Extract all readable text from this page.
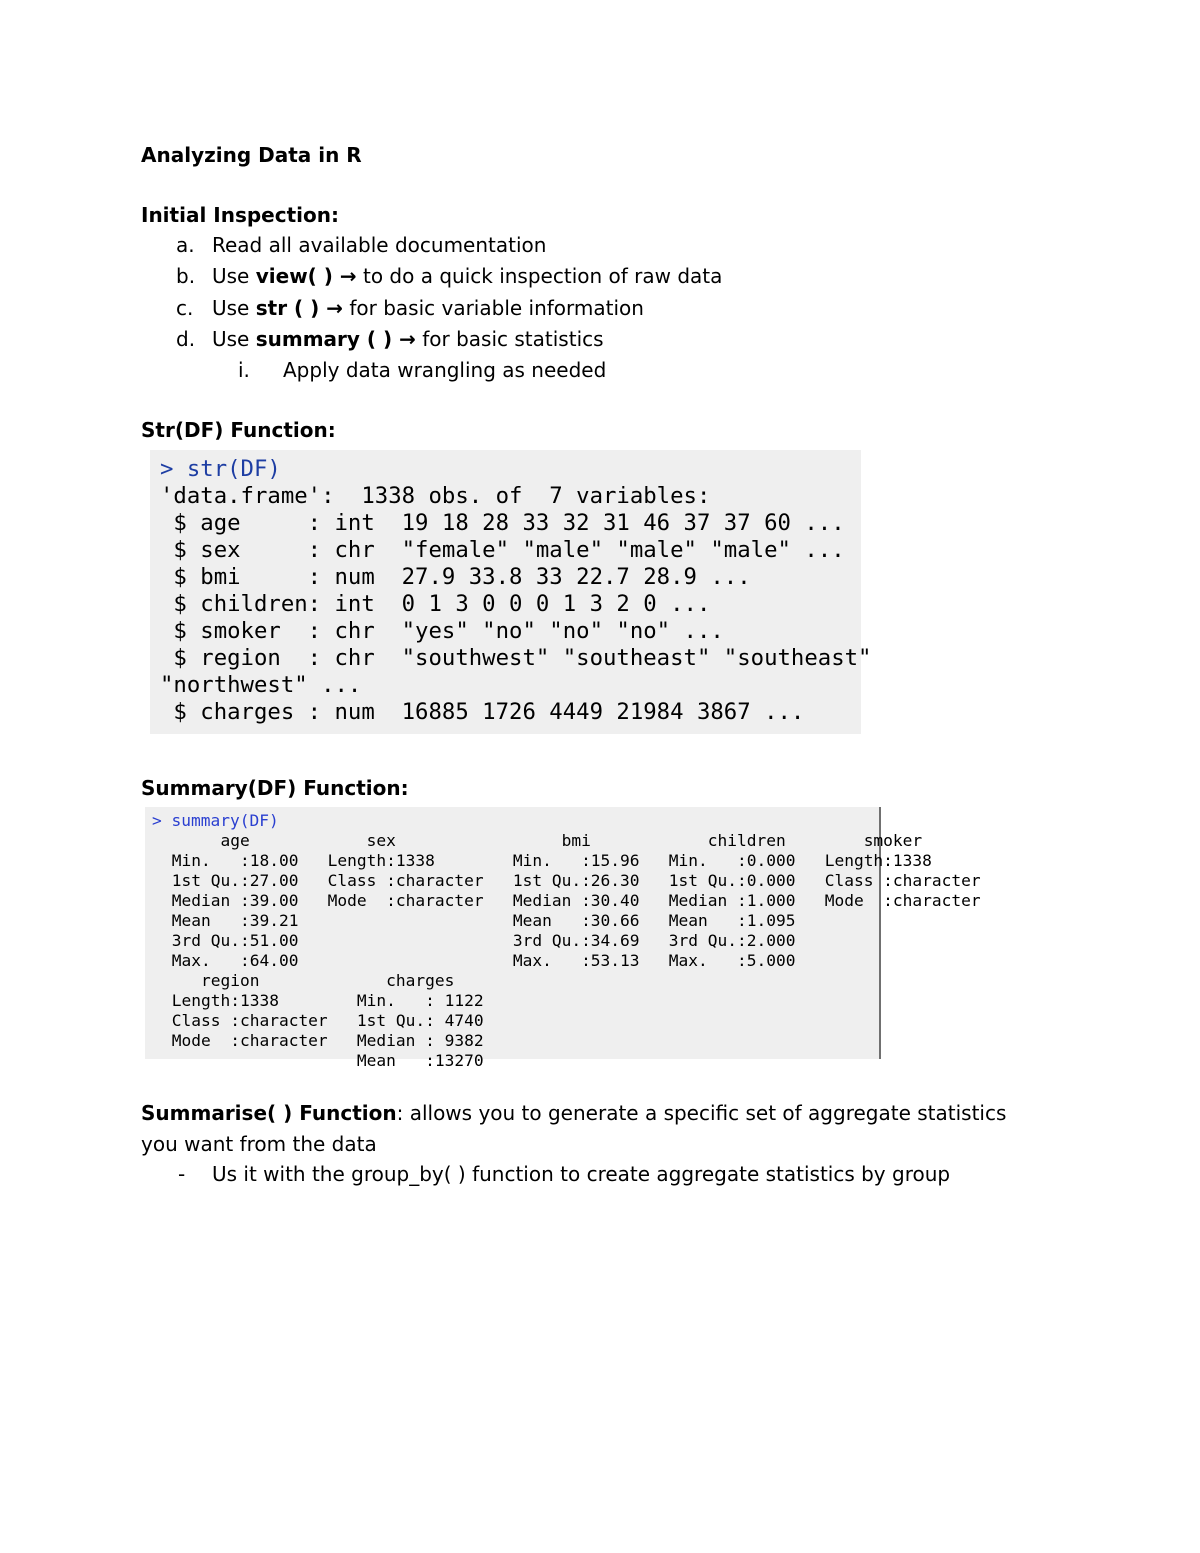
Analyzing Data in R
Initial Inspection:
a. Read all available documentation
b. Use view( ) → to do a quick inspection of raw data
c. Use str ( ) → for basic variable information
d. Use summary ( ) → for basic statistics
i. Apply data wrangling as needed
Str(DF) Function:
> str(DF)
'data.frame':  1338 obs. of  7 variables:
$ age     : int  19 18 28 33 32 31 46 37 37 60 ...
$ sex     : chr  "female" "male" "male" "male" ...
$ bmi     : num  27.9 33.8 33 22.7 28.9 ...
$ children: int  0 1 3 0 0 0 1 3 2 0 ...
$ smoker  : chr  "yes" "no" "no" "no" ...
$ region  : chr  "southwest" "southeast" "southeast"
"northwest" ...
$ charges : num  16885 1726 4449 21984 3867 ...
Summary(DF) Function:
> summary(DF)
age            sex                 bmi            children        smoker
Min.   :18.00   Length:1338        Min.   :15.96   Min.   :0.000   Length:1338
1st Qu.:27.00   Class :character   1st Qu.:26.30   1st Qu.:0.000   Class :character
Median :39.00   Mode  :character   Median :30.40   Median :1.000   Mode  :character
Mean   :39.21                      Mean   :30.66   Mean   :1.095
3rd Qu.:51.00                      3rd Qu.:34.69   3rd Qu.:2.000
Max.   :64.00                      Max.   :53.13   Max.   :5.000
region             charges
Length:1338        Min.   : 1122
Class :character   1st Qu.: 4740
Mode  :character   Median : 9382
Mean   :13270
Summarise( ) Function: allows you to generate a specific set of aggregate statistics
you want from the data
- Us it with the group_by( ) function to create aggregate statistics by group
